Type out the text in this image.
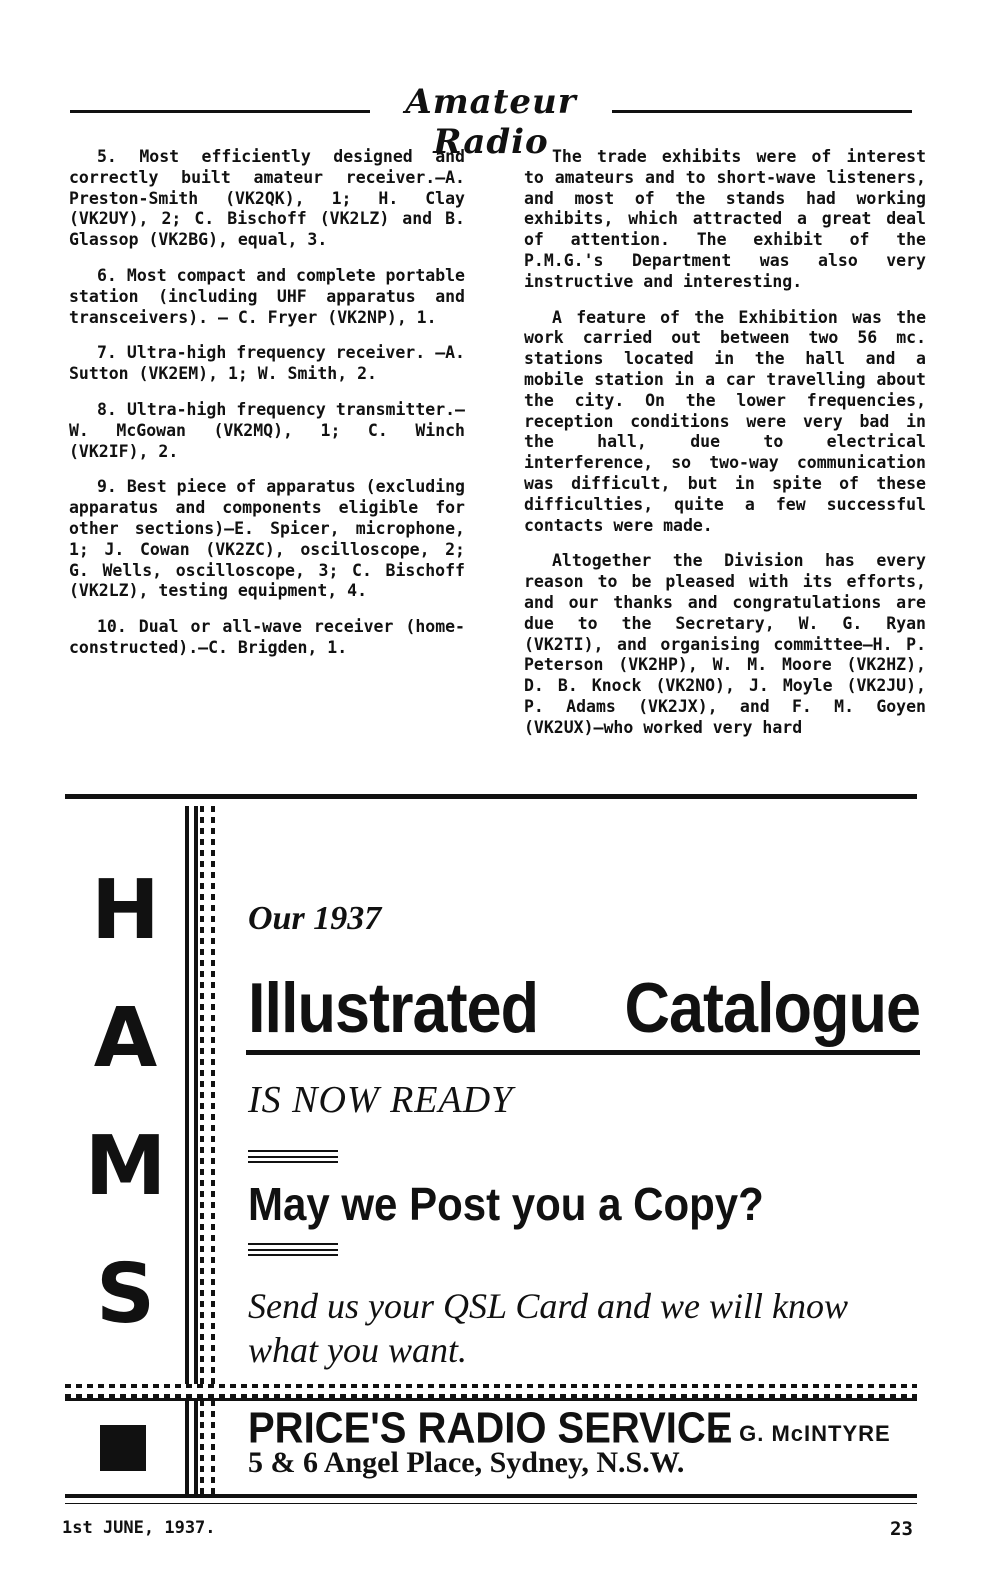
Amateur Radio

5. Most efficiently designed and correctly built amateur receiver.—A. Preston-Smith (VK2QK), 1; H. Clay (VK2UY), 2; C. Bischoff (VK2LZ) and B. Glassop (VK2BG), equal, 3.

6. Most compact and complete portable station (including UHF apparatus and transceivers). — C. Fryer (VK2NP), 1.

7. Ultra-high frequency receiver. —A. Sutton (VK2EM), 1; W. Smith, 2.

8. Ultra-high frequency transmitter.—W. McGowan (VK2MQ), 1; C. Winch (VK2IF), 2.

9. Best piece of apparatus (excluding apparatus and components eligible for other sections)—E. Spicer, microphone, 1; J. Cowan (VK2ZC), oscilloscope, 2; G. Wells, oscilloscope, 3; C. Bischoff (VK2LZ), testing equipment, 4.

10. Dual or all-wave receiver (home-constructed).—C. Brigden, 1.

The trade exhibits were of interest to amateurs and to short-wave listeners, and most of the stands had working exhibits, which attracted a great deal of attention. The exhibit of the P.M.G.'s Department was also very instructive and interesting.

A feature of the Exhibition was the work carried out between two 56 mc. stations located in the hall and a mobile station in a car travelling about the city. On the lower frequencies, reception conditions were very bad in the hall, due to electrical interference, so two-way communication was difficult, but in spite of these difficulties, quite a few successful contacts were made.

Altogether the Division has every reason to be pleased with its efforts, and our thanks and congratulations are due to the Secretary, W. G. Ryan (VK2TI), and organising committee—H. P. Peterson (VK2HP), W. M. Moore (VK2HZ), D. B. Knock (VK2NO), J. Moyle (VK2JU), P. Adams (VK2JX), and F. M. Goyen (VK2UX)—who worked very hard

H
A
M
S
Our 1937
Illustrated Catalogue
IS NOW READY
May we Post you a Copy?
Send us your QSL Card and we will know
what you want.
PRICE'S RADIO SERVICE
D. G. McINTYRE
5 & 6 Angel Place, Sydney, N.S.W.
1st JUNE, 1937.	23
